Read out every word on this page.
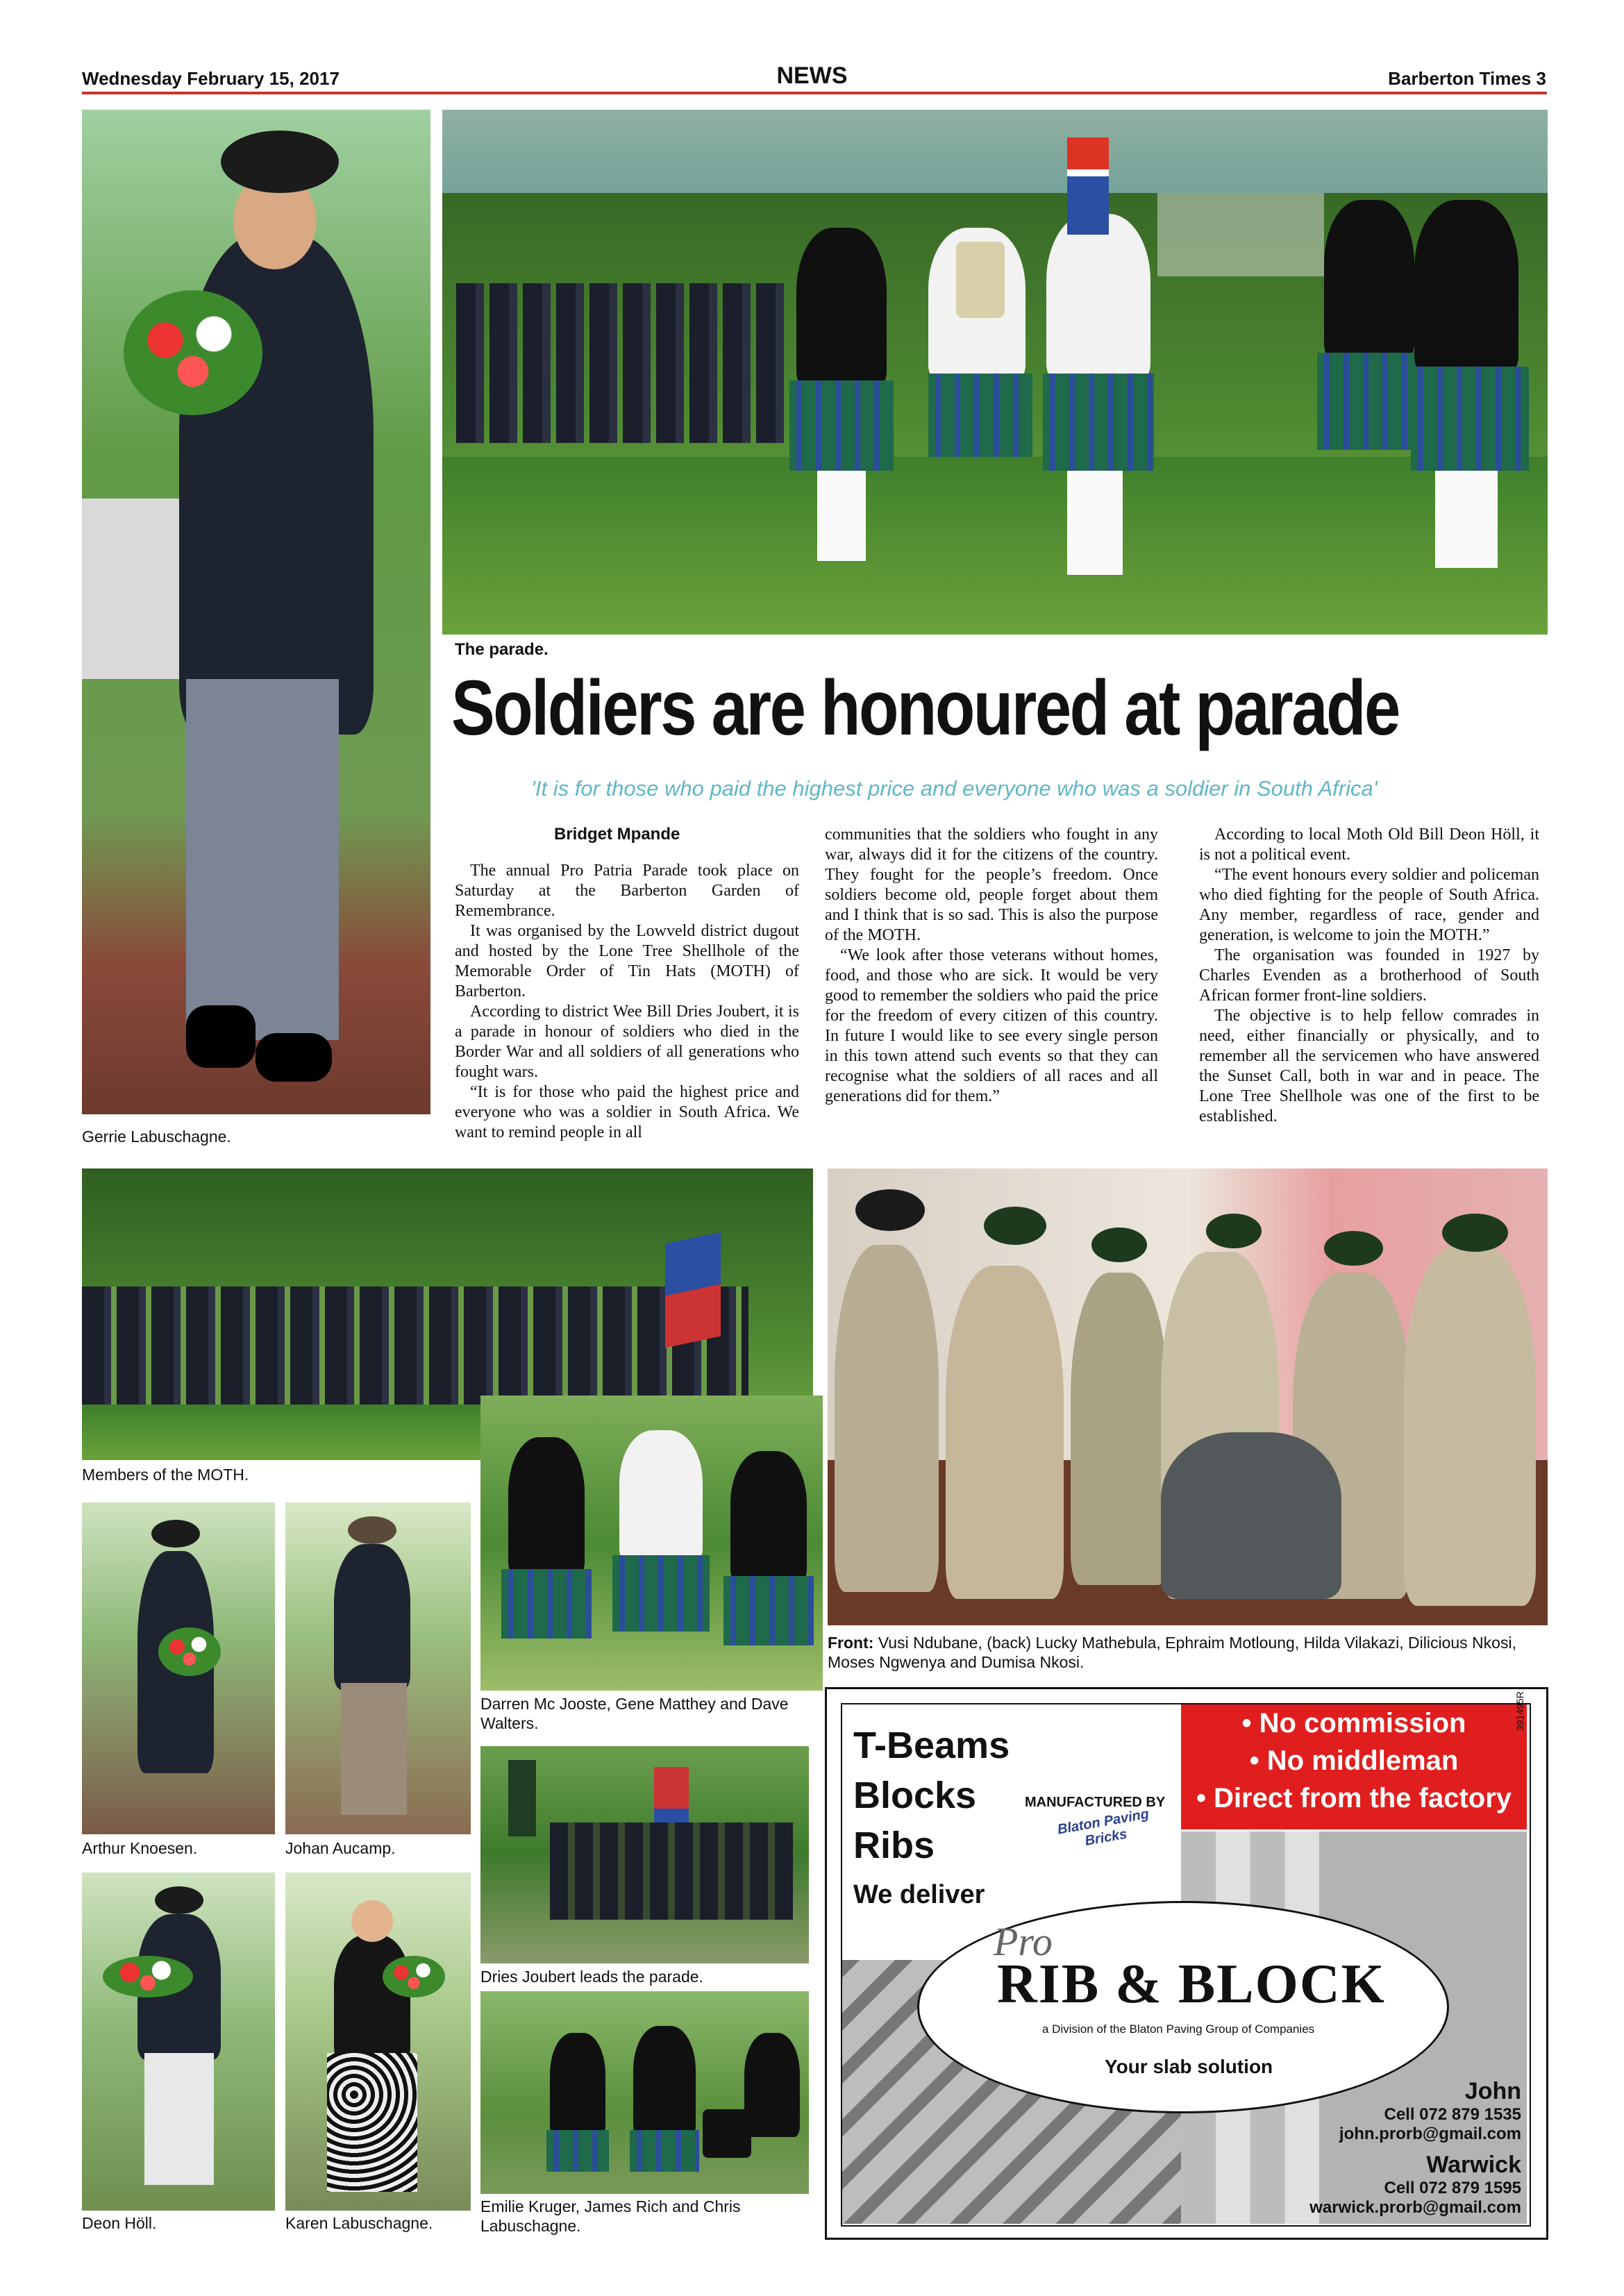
Wednesday February 15, 2017	NEWS	Barberton Times 3
Gerrie Labuschagne.
The parade.
Soldiers are honoured at parade
'It is for those who paid the highest price and everyone who was a soldier in South Africa'
Bridget Mpande

The annual Pro Patria Parade took place on Saturday at the Barberton Garden of Remembrance.

It was organised by the Lowveld district dugout and hosted by the Lone Tree Shellhole of the Memorable Order of Tin Hats (MOTH) of Barberton.

According to district Wee Bill Dries Joubert, it is a parade in honour of soldiers who died in the Border War and all soldiers of all generations who fought wars.

“It is for those who paid the highest price and everyone who was a soldier in South Africa. We want to remind people in all

communities that the soldiers who fought in any war, always did it for the citizens of the country. They fought for the people’s freedom. Once soldiers become old, people forget about them and I think that is so sad. This is also the purpose of the MOTH.

“We look after those veterans without homes, food, and those who are sick. It would be very good to remember the soldiers who paid the price for the freedom of every citizen of this country. In future I would like to see every single person in this town attend such events so that they can recognise what the soldiers of all races and all generations did for them.”

According to local Moth Old Bill Deon Höll, it is not a political event.

“The event honours every soldier and policeman who died fighting for the people of South Africa. Any member, regardless of race, gender and generation, is welcome to join the MOTH.”

The organisation was founded in 1927 by Charles Evenden as a brotherhood of South African former front-line soldiers.

The objective is to help fellow comrades in need, either financially or physically, and to remember all the servicemen who have answered the Sunset Call, both in war and in peace. The Lone Tree Shellhole was one of the first to be established.

Members of the MOTH.
Darren Mc Jooste, Gene Matthey and Dave Walters.
Front: Vusi Ndubane, (back) Lucky Mathebula, Ephraim Motloung, Hilda Vilakazi, Dilicious Nkosi, Moses Ngwenya and Dumisa Nkosi.
Arthur Knoesen.	Johan Aucamp.
Dries Joubert leads the parade.
Deon Höll.	Karen Labuschagne.
Emilie Kruger, James Rich and Chris Labuschagne.
T-Beams
Blocks
Ribs
We deliver
MANUFACTURED BY
Blaton Paving Bricks
• No commission
• No middleman
• Direct from the factory
Pro
RIB & BLOCK
a Division of the Blaton Paving Group of Companies
Your slab solution
John
Cell 072 879 1535
john.prorb@gmail.com
Warwick
Cell 072 879 1595
warwick.prorb@gmail.com
391495R
